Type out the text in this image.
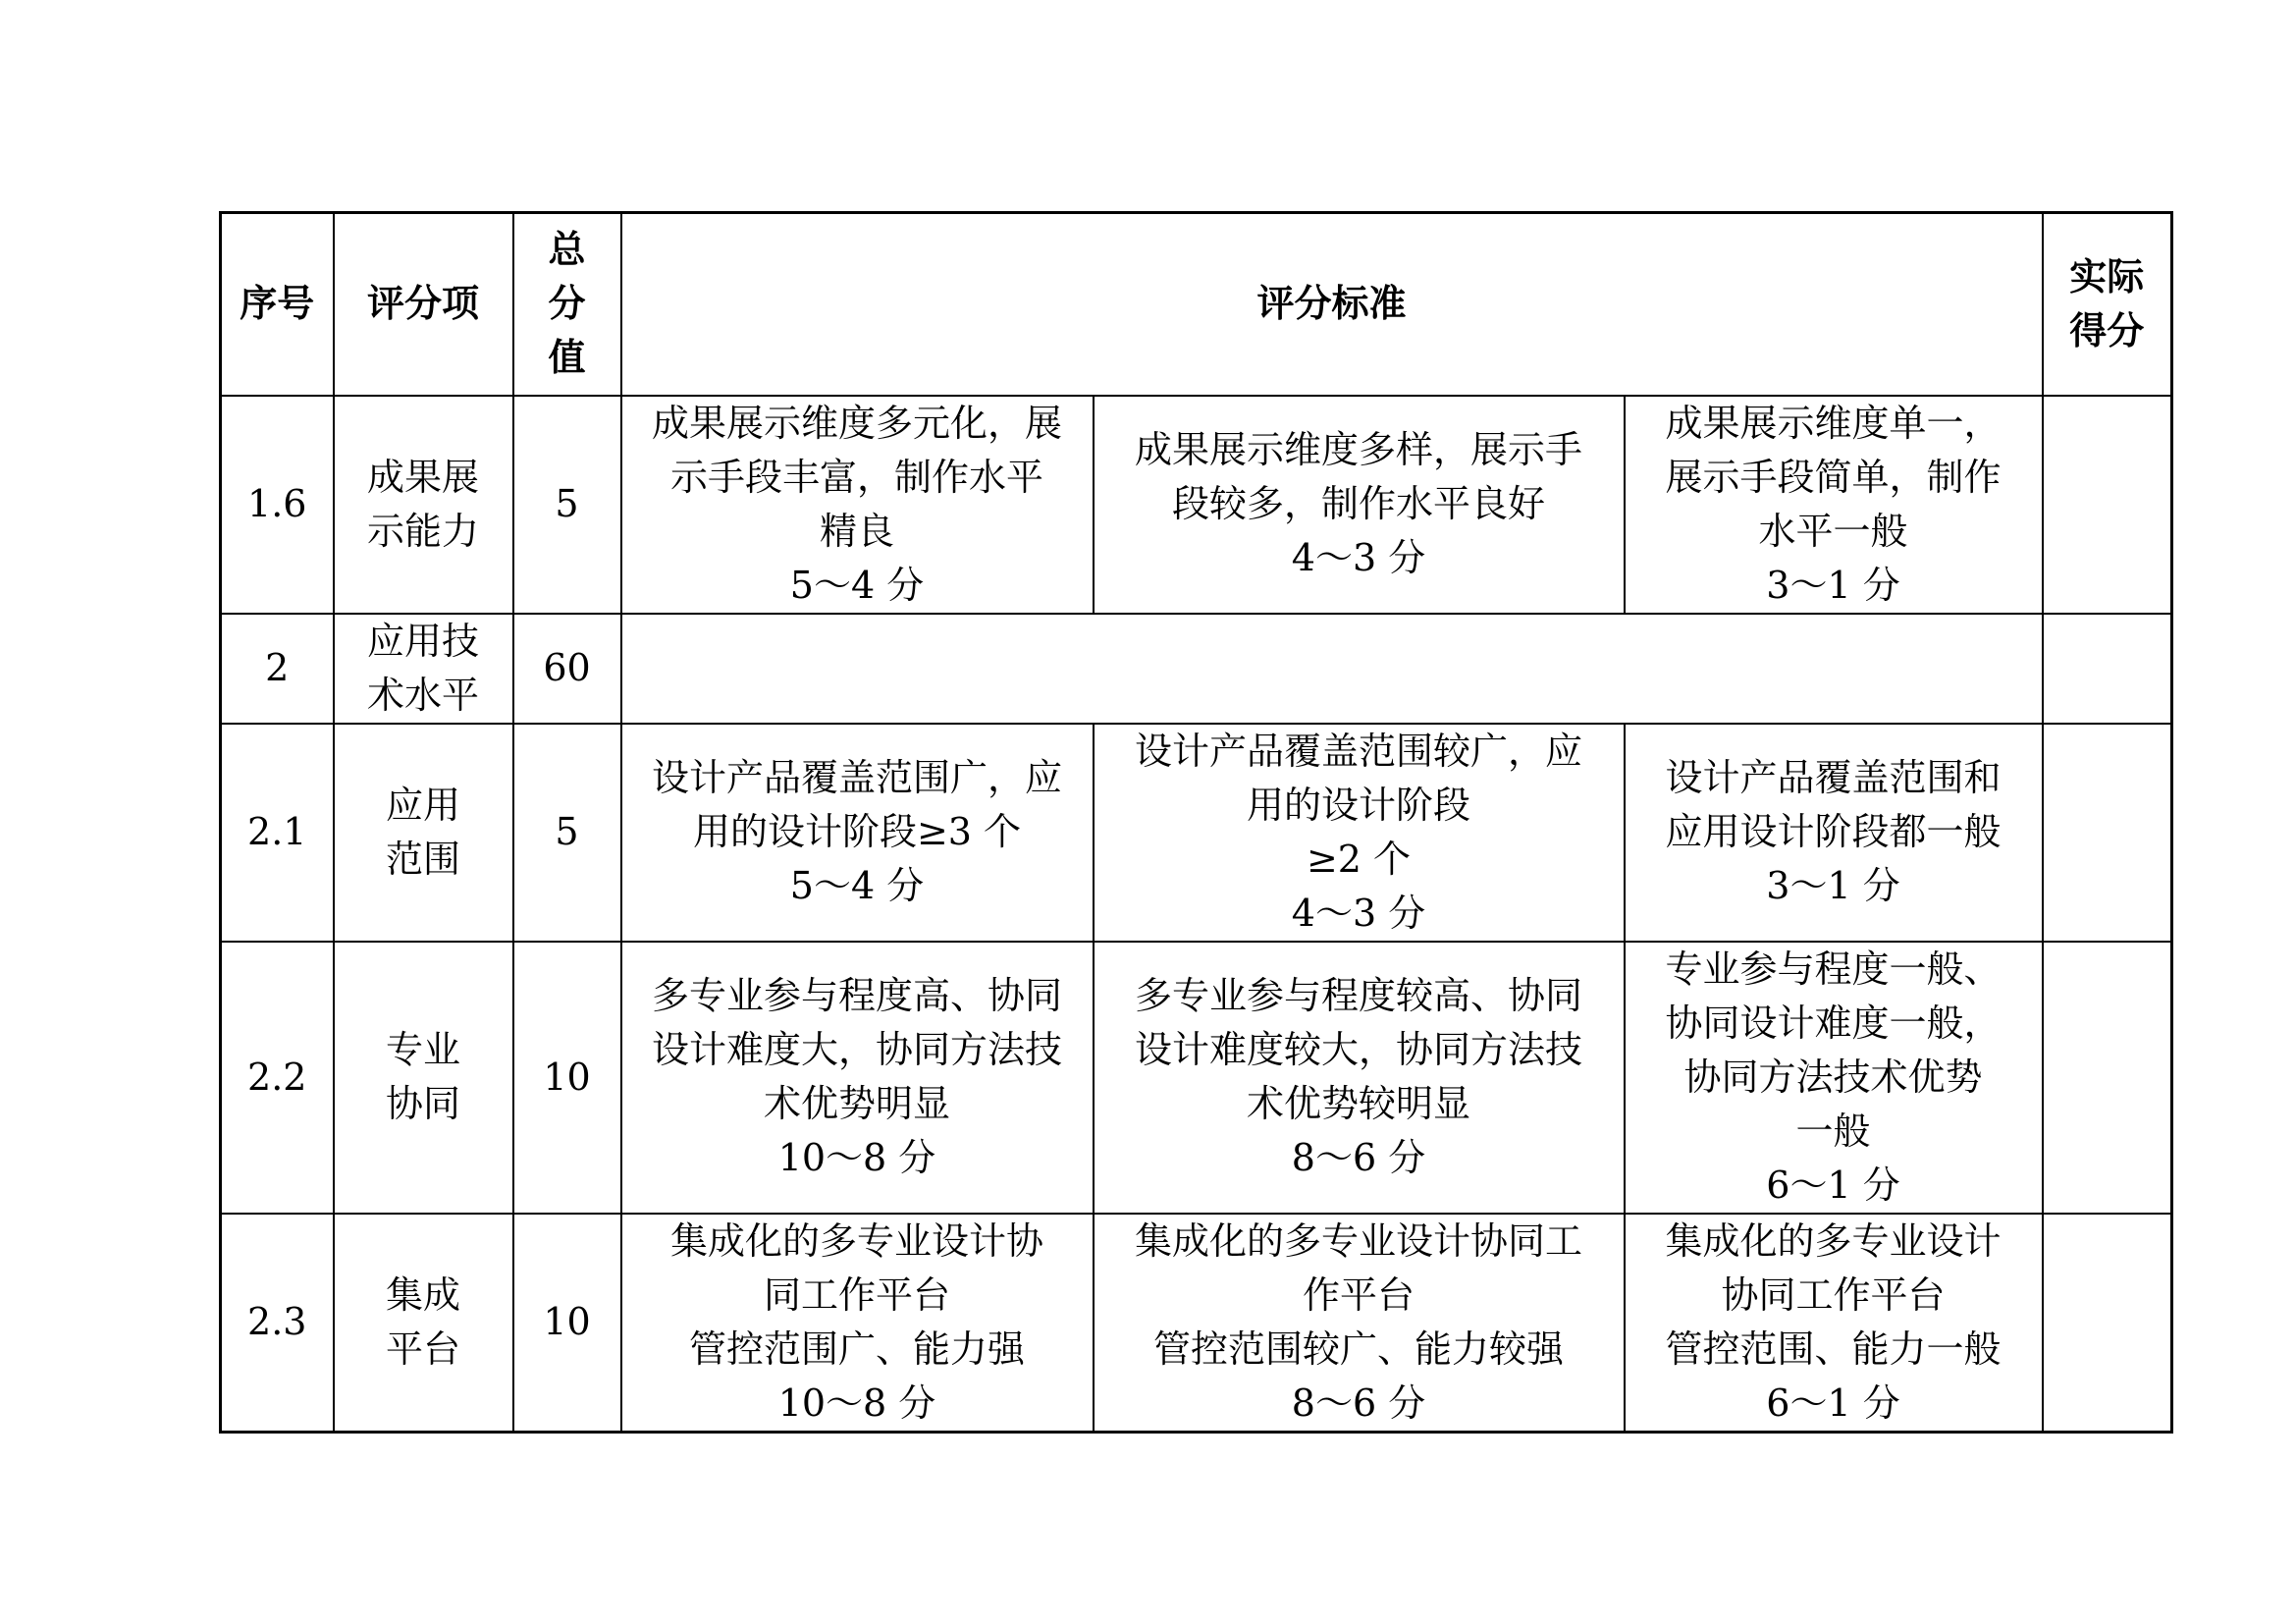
序号	评分项	总
分
值	评分标准			实际
得分

1.6	成果展
示能力	5	成果展示维度多元化，展
示手段丰富，制作水平
精良
5～4 分	成果展示维度多样，展示手
段较多，制作水平良好
4～3 分	成果展示维度单一，
展示手段简单，制作
水平一般
3～1 分	

2	应用技
术水平	60				
2.1	应用
范围	5	设计产品覆盖范围广，应
用的设计阶段≥3 个
5～4 分	设计产品覆盖范围较广，应
用的设计阶段
≥2 个
4～3 分	设计产品覆盖范围和
应用设计阶段都一般
3～1 分	

2.2	专业
协同	10	多专业参与程度高、协同
设计难度大，协同方法技
术优势明显
10～8 分	多专业参与程度较高、协同
设计难度较大，协同方法技
术优势较明显
8～6 分	专业参与程度一般、
协同设计难度一般，
协同方法技术优势
一般
6～1 分	

2.3	集成
平台	10	集成化的多专业设计协
同工作平台
管控范围广、能力强
10～8 分	集成化的多专业设计协同工
作平台
管控范围较广、能力较强
8～6 分	集成化的多专业设计
协同工作平台
管控范围、能力一般
6～1 分	
